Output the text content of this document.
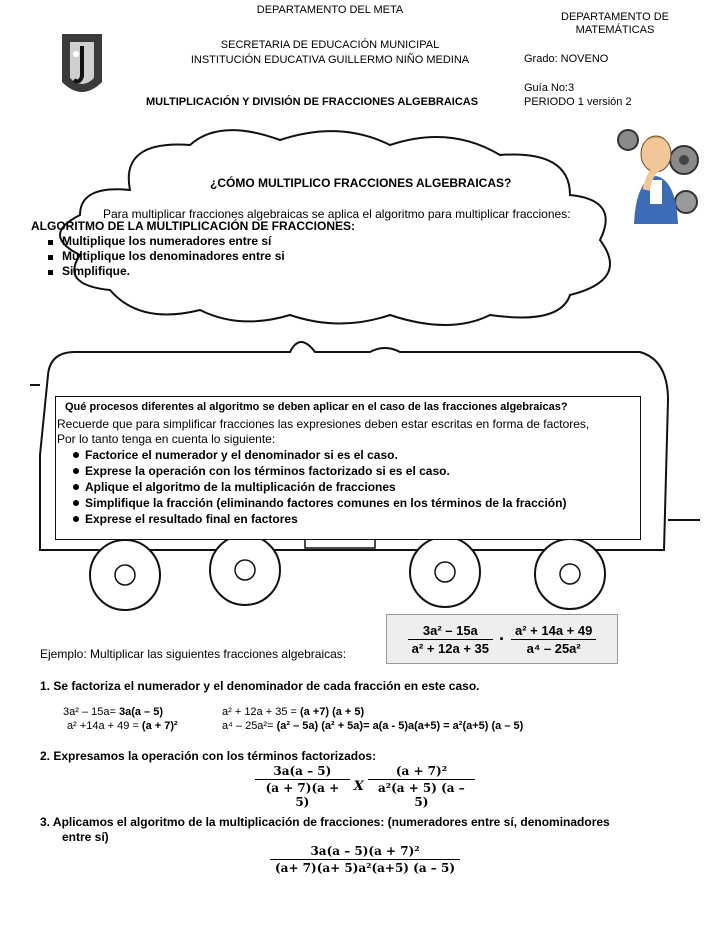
DEPARTAMENTO DEL META
SECRETARIA DE EDUCACIÓN MUNICIPAL
INSTITUCIÓN EDUCATIVA GUILLERMO NIÑO MEDINA
MULTIPLICACIÓN Y DIVISIÓN DE FRACCIONES ALGEBRAICAS
DEPARTAMENTO DE
MATEMÁTICAS
Grado: NOVENO
Guía No:3
PERIODO 1 versión 2
¿CÓMO MULTIPLICO FRACCIONES ALGEBRAICAS?
Para multiplicar fracciones algebraicas se aplica el algoritmo para multiplicar fracciones:
ALGORITMO DE LA MULTIPLICACIÓN DE FRACCIONES:
Multiplique los numeradores entre sí
Multiplique los denominadores entre si
Simplifique.
Qué procesos diferentes al algoritmo se deben aplicar en el caso de las fracciones algebraicas?
Recuerde que para simplificar fracciones las expresiones deben estar escritas en forma de factores,
Por lo tanto tenga en cuenta lo siguiente:
Factorice el numerador y el denominador si es el caso.
Exprese la operación con los términos factorizado si es el caso.
Aplique el algoritmo de la multiplicación de fracciones
Simplifique la fracción (eliminando factores comunes en los términos de la fracción)
Exprese el resultado final en factores
Ejemplo: Multiplicar las siguientes fracciones algebraicas:	$\frac{\text{3a² – 15a}}{\text{a² + 12a + 35}} \cdot \frac{\text{a² + 14a + 49}}{\text{a⁴ – 25a²}}$
1. Se factoriza el numerador y el denominador de cada fracción en este caso.
3a² – 15a= 3a(a – 5)	a² + 12a + 35 = (a +7) (a + 5)
a² +14a + 49 = (a + 7)²	a⁴ – 25a²= (a² – 5a) (a² + 5a)= a(a - 5)a(a+5) = a²(a+5) (a – 5)
2. Expresamos la operación con los términos factorizados:
$\frac{3a(a - 5)}{(a + 7)(a + 5)}$ X $\frac{\text{(a + 7)²}}{\text{a²(a + 5) (a – 5)}}$
3. Aplicamos el algoritmo de la multiplicación de fracciones: (numeradores entre sí, denominadores
entre sí)
3a(a – 5)(a + 7)²
(a+ 7)(a+ 5)a²(a+5) (a – 5)
